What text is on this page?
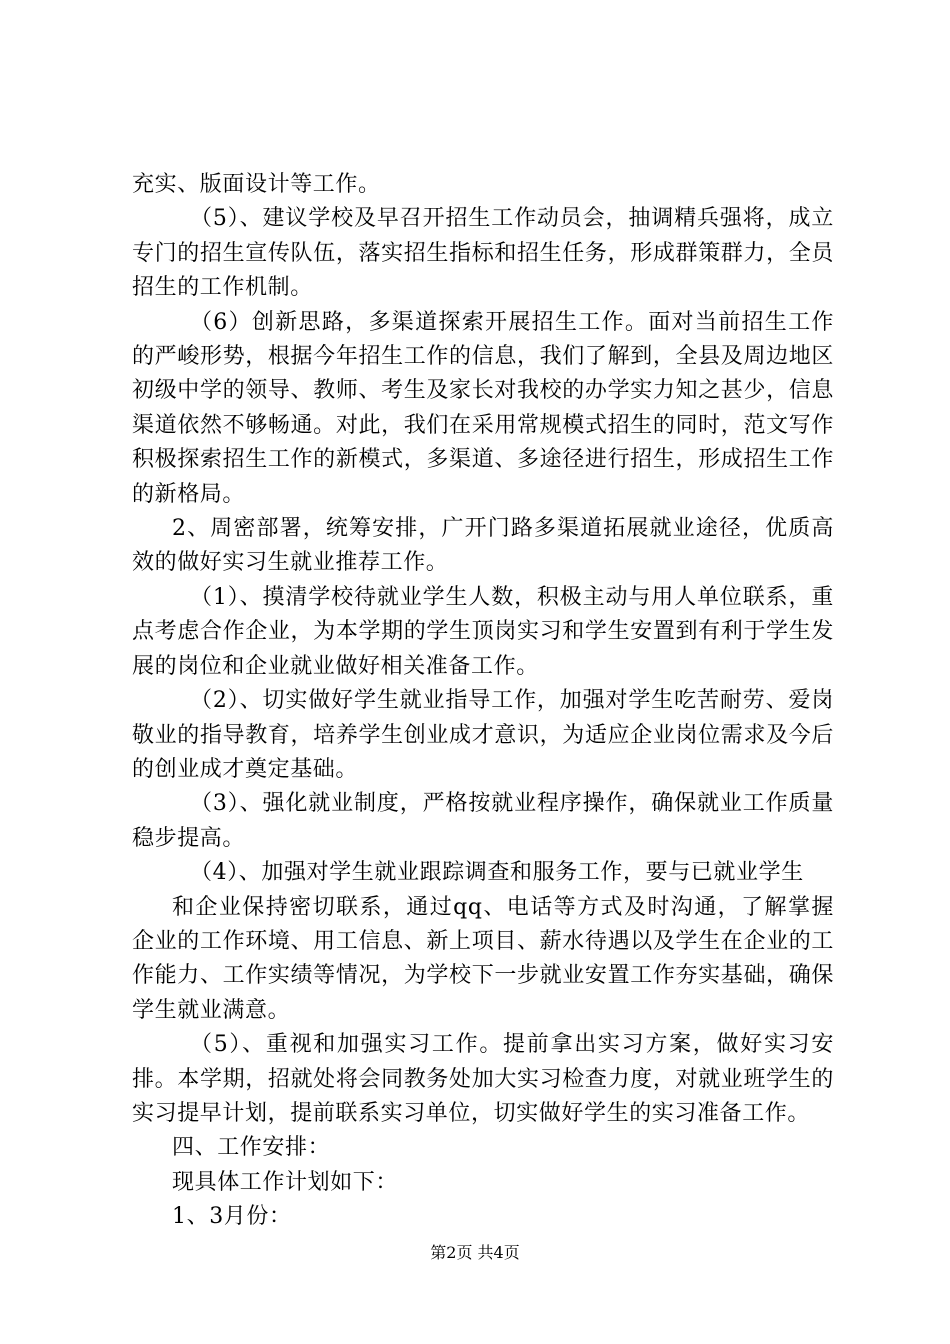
充实、版面设计等工作。

（5）、建议学校及早召开招生工作动员会，抽调精兵强将，成立专门的招生宣传队伍，落实招生指标和招生任务，形成群策群力，全员招生的工作机制。

（6）创新思路，多渠道探索开展招生工作。面对当前招生工作的严峻形势，根据今年招生工作的信息，我们了解到，全县及周边地区初级中学的领导、教师、考生及家长对我校的办学实力知之甚少，信息渠道依然不够畅通。对此，我们在采用常规模式招生的同时，范文写作积极探索招生工作的新模式，多渠道、多途径进行招生，形成招生工作的新格局。

2、周密部署，统筹安排，广开门路多渠道拓展就业途径，优质高效的做好实习生就业推荐工作。

（1）、摸清学校待就业学生人数，积极主动与用人单位联系，重点考虑合作企业，为本学期的学生顶岗实习和学生安置到有利于学生发展的岗位和企业就业做好相关准备工作。

（2）、切实做好学生就业指导工作，加强对学生吃苦耐劳、爱岗敬业的指导教育，培养学生创业成才意识，为适应企业岗位需求及今后的创业成才奠定基础。

（3）、强化就业制度，严格按就业程序操作，确保就业工作质量稳步提高。

（4）、加强对学生就业跟踪调查和服务工作，要与已就业学生

和企业保持密切联系，通过qq、电话等方式及时沟通，了解掌握企业的工作环境、用工信息、新上项目、薪水待遇以及学生在企业的工作能力、工作实绩等情况，为学校下一步就业安置工作夯实基础，确保学生就业满意。

（5）、重视和加强实习工作。提前拿出实习方案，做好实习安排。本学期，招就处将会同教务处加大实习检查力度，对就业班学生的实习提早计划，提前联系实习单位，切实做好学生的实习准备工作。

四、工作安排：

现具体工作计划如下：

1、3月份：

第2页 共4页
